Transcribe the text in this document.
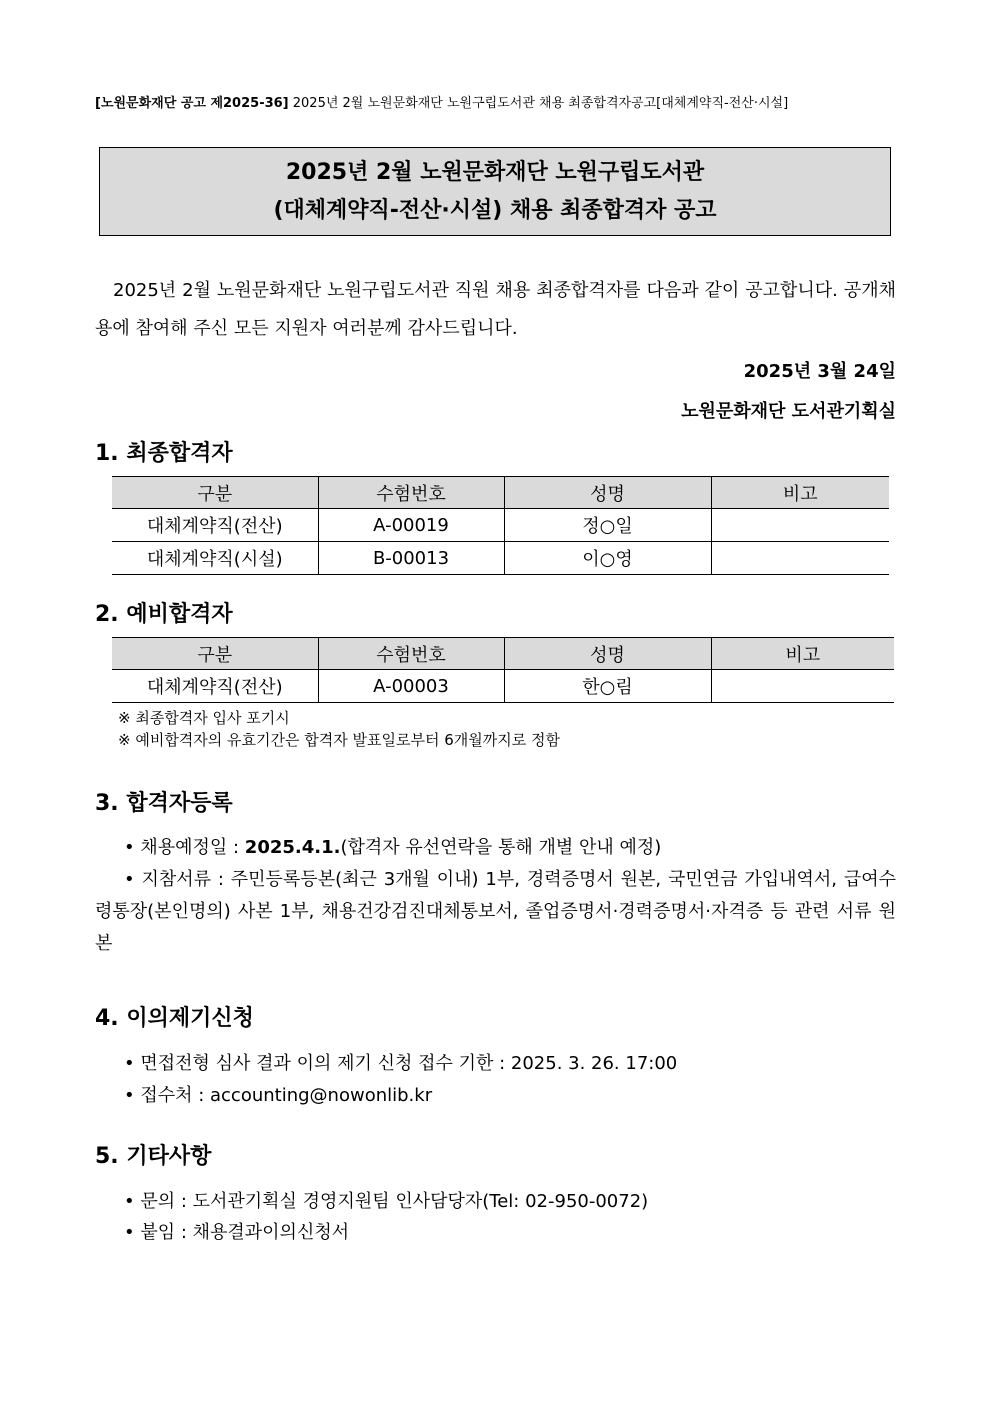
[노원문화재단 공고 제2025-36] 2025년 2월 노원문화재단 노원구립도서관 채용 최종합격자공고[대체계약직-전산·시설]
2025년 2월 노원문화재단 노원구립도서관
(대체계약직-전산·시설) 채용 최종합격자 공고
2025년 2월 노원문화재단 노원구립도서관 직원 채용 최종합격자를 다음과 같이 공고합니다. 공개채용에 참여해 주신 모든 지원자 여러분께 감사드립니다.
2025년 3월 24일
노원문화재단 도서관기획실
1. 최종합격자
구분	수험번호	성명	비고
대체계약직(전산)	A-00019	정○일	
대체계약직(시설)	B-00013	이○영	
2. 예비합격자
구분	수험번호	성명	비고
대체계약직(전산)	A-00003	한○림	
※ 최종합격자 입사 포기시
※ 예비합격자의 유효기간은 합격자 발표일로부터 6개월까지로 정함
3. 합격자등록
• 채용예정일 : 2025.4.1.(합격자 유선연락을 통해 개별 안내 예정)
• 지참서류 : 주민등록등본(최근 3개월 이내) 1부, 경력증명서 원본, 국민연금 가입내역서, 급여수령통장(본인명의) 사본 1부, 채용건강검진대체통보서, 졸업증명서·경력증명서·자격증 등 관련 서류 원본
4. 이의제기신청
• 면접전형 심사 결과 이의 제기 신청 접수 기한 : 2025. 3. 26. 17:00
• 접수처 : accounting@nowonlib.kr
5. 기타사항
• 문의 : 도서관기획실 경영지원팀 인사담당자(Tel: 02-950-0072)
• 붙임 : 채용결과이의신청서
